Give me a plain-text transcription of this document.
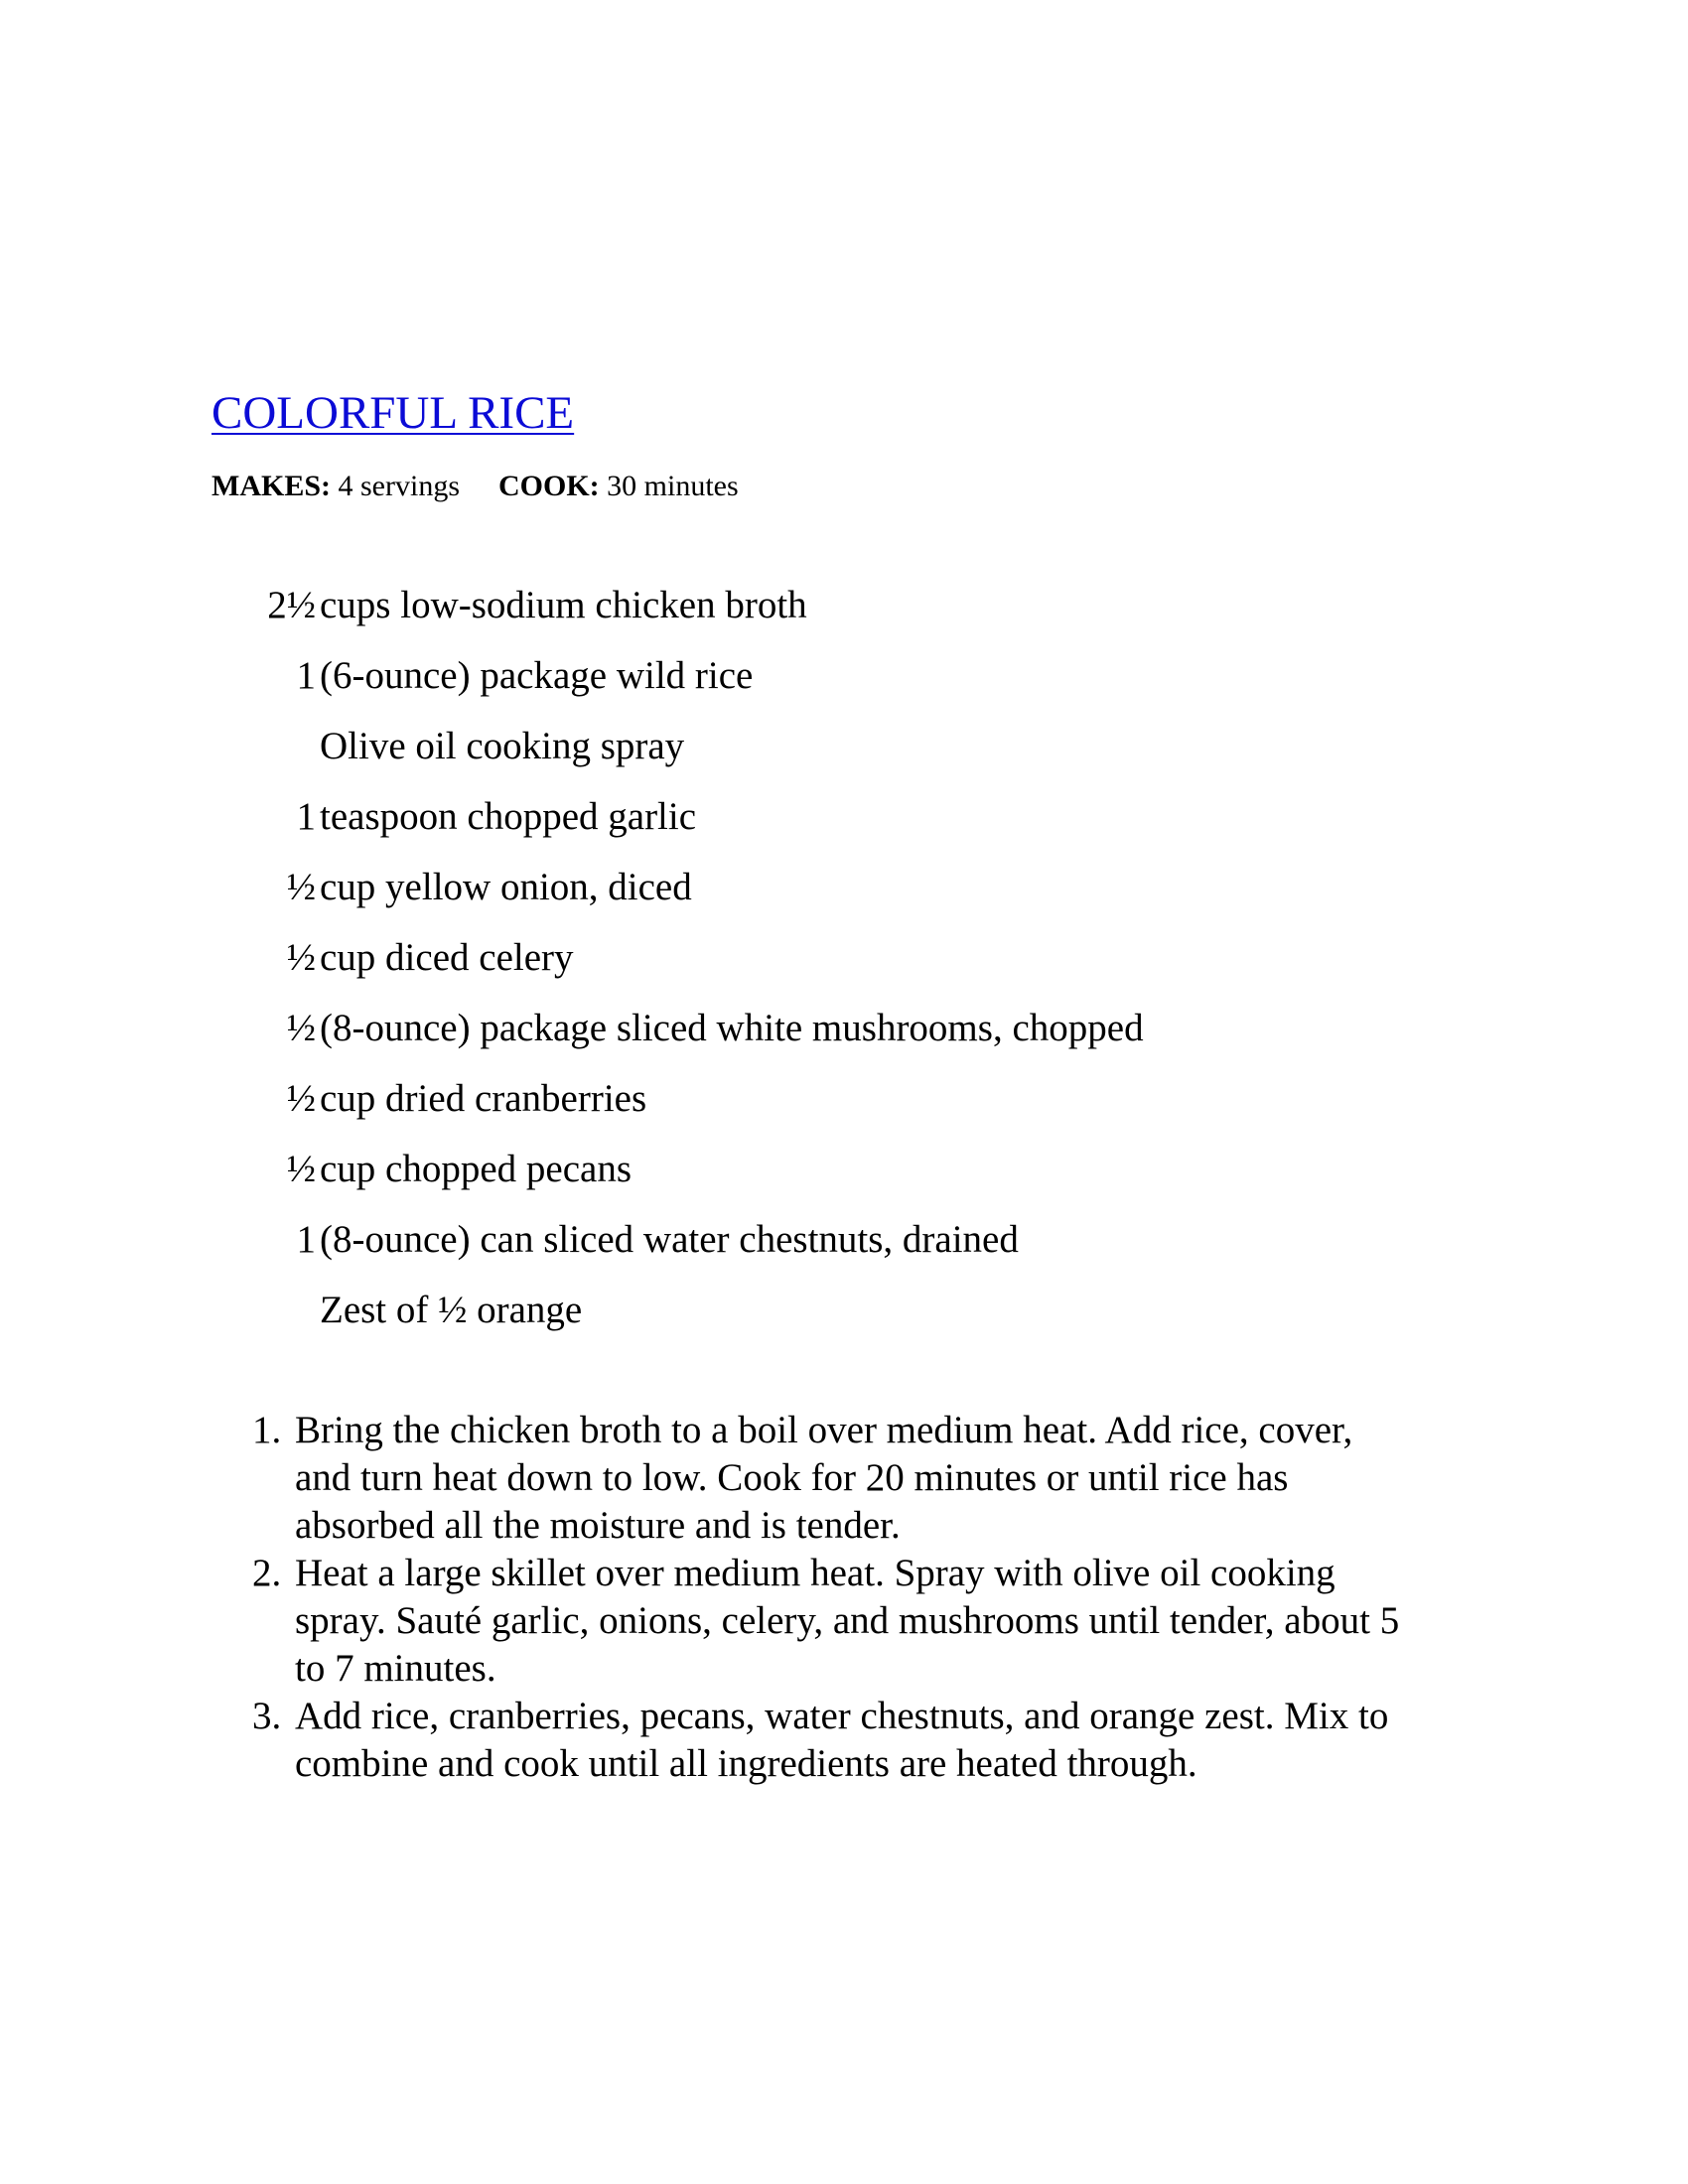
COLORFUL RICE
MAKES: 4 servings COOK: 30 minutes
2½ cups low-sodium chicken broth
1 (6-ounce) package wild rice
Olive oil cooking spray
1 teaspoon chopped garlic
½ cup yellow onion, diced
½ cup diced celery
½ (8-ounce) package sliced white mushrooms, chopped
½ cup dried cranberries
½ cup chopped pecans
1 (8-ounce) can sliced water chestnuts, drained
Zest of ½ orange
1. Bring the chicken broth to a boil over medium heat. Add rice, cover,
and turn heat down to low. Cook for 20 minutes or until rice has
absorbed all the moisture and is tender.
2. Heat a large skillet over medium heat. Spray with olive oil cooking
spray. Sauté garlic, onions, celery, and mushrooms until tender, about 5
to 7 minutes.
3. Add rice, cranberries, pecans, water chestnuts, and orange zest. Mix to
combine and cook until all ingredients are heated through.
